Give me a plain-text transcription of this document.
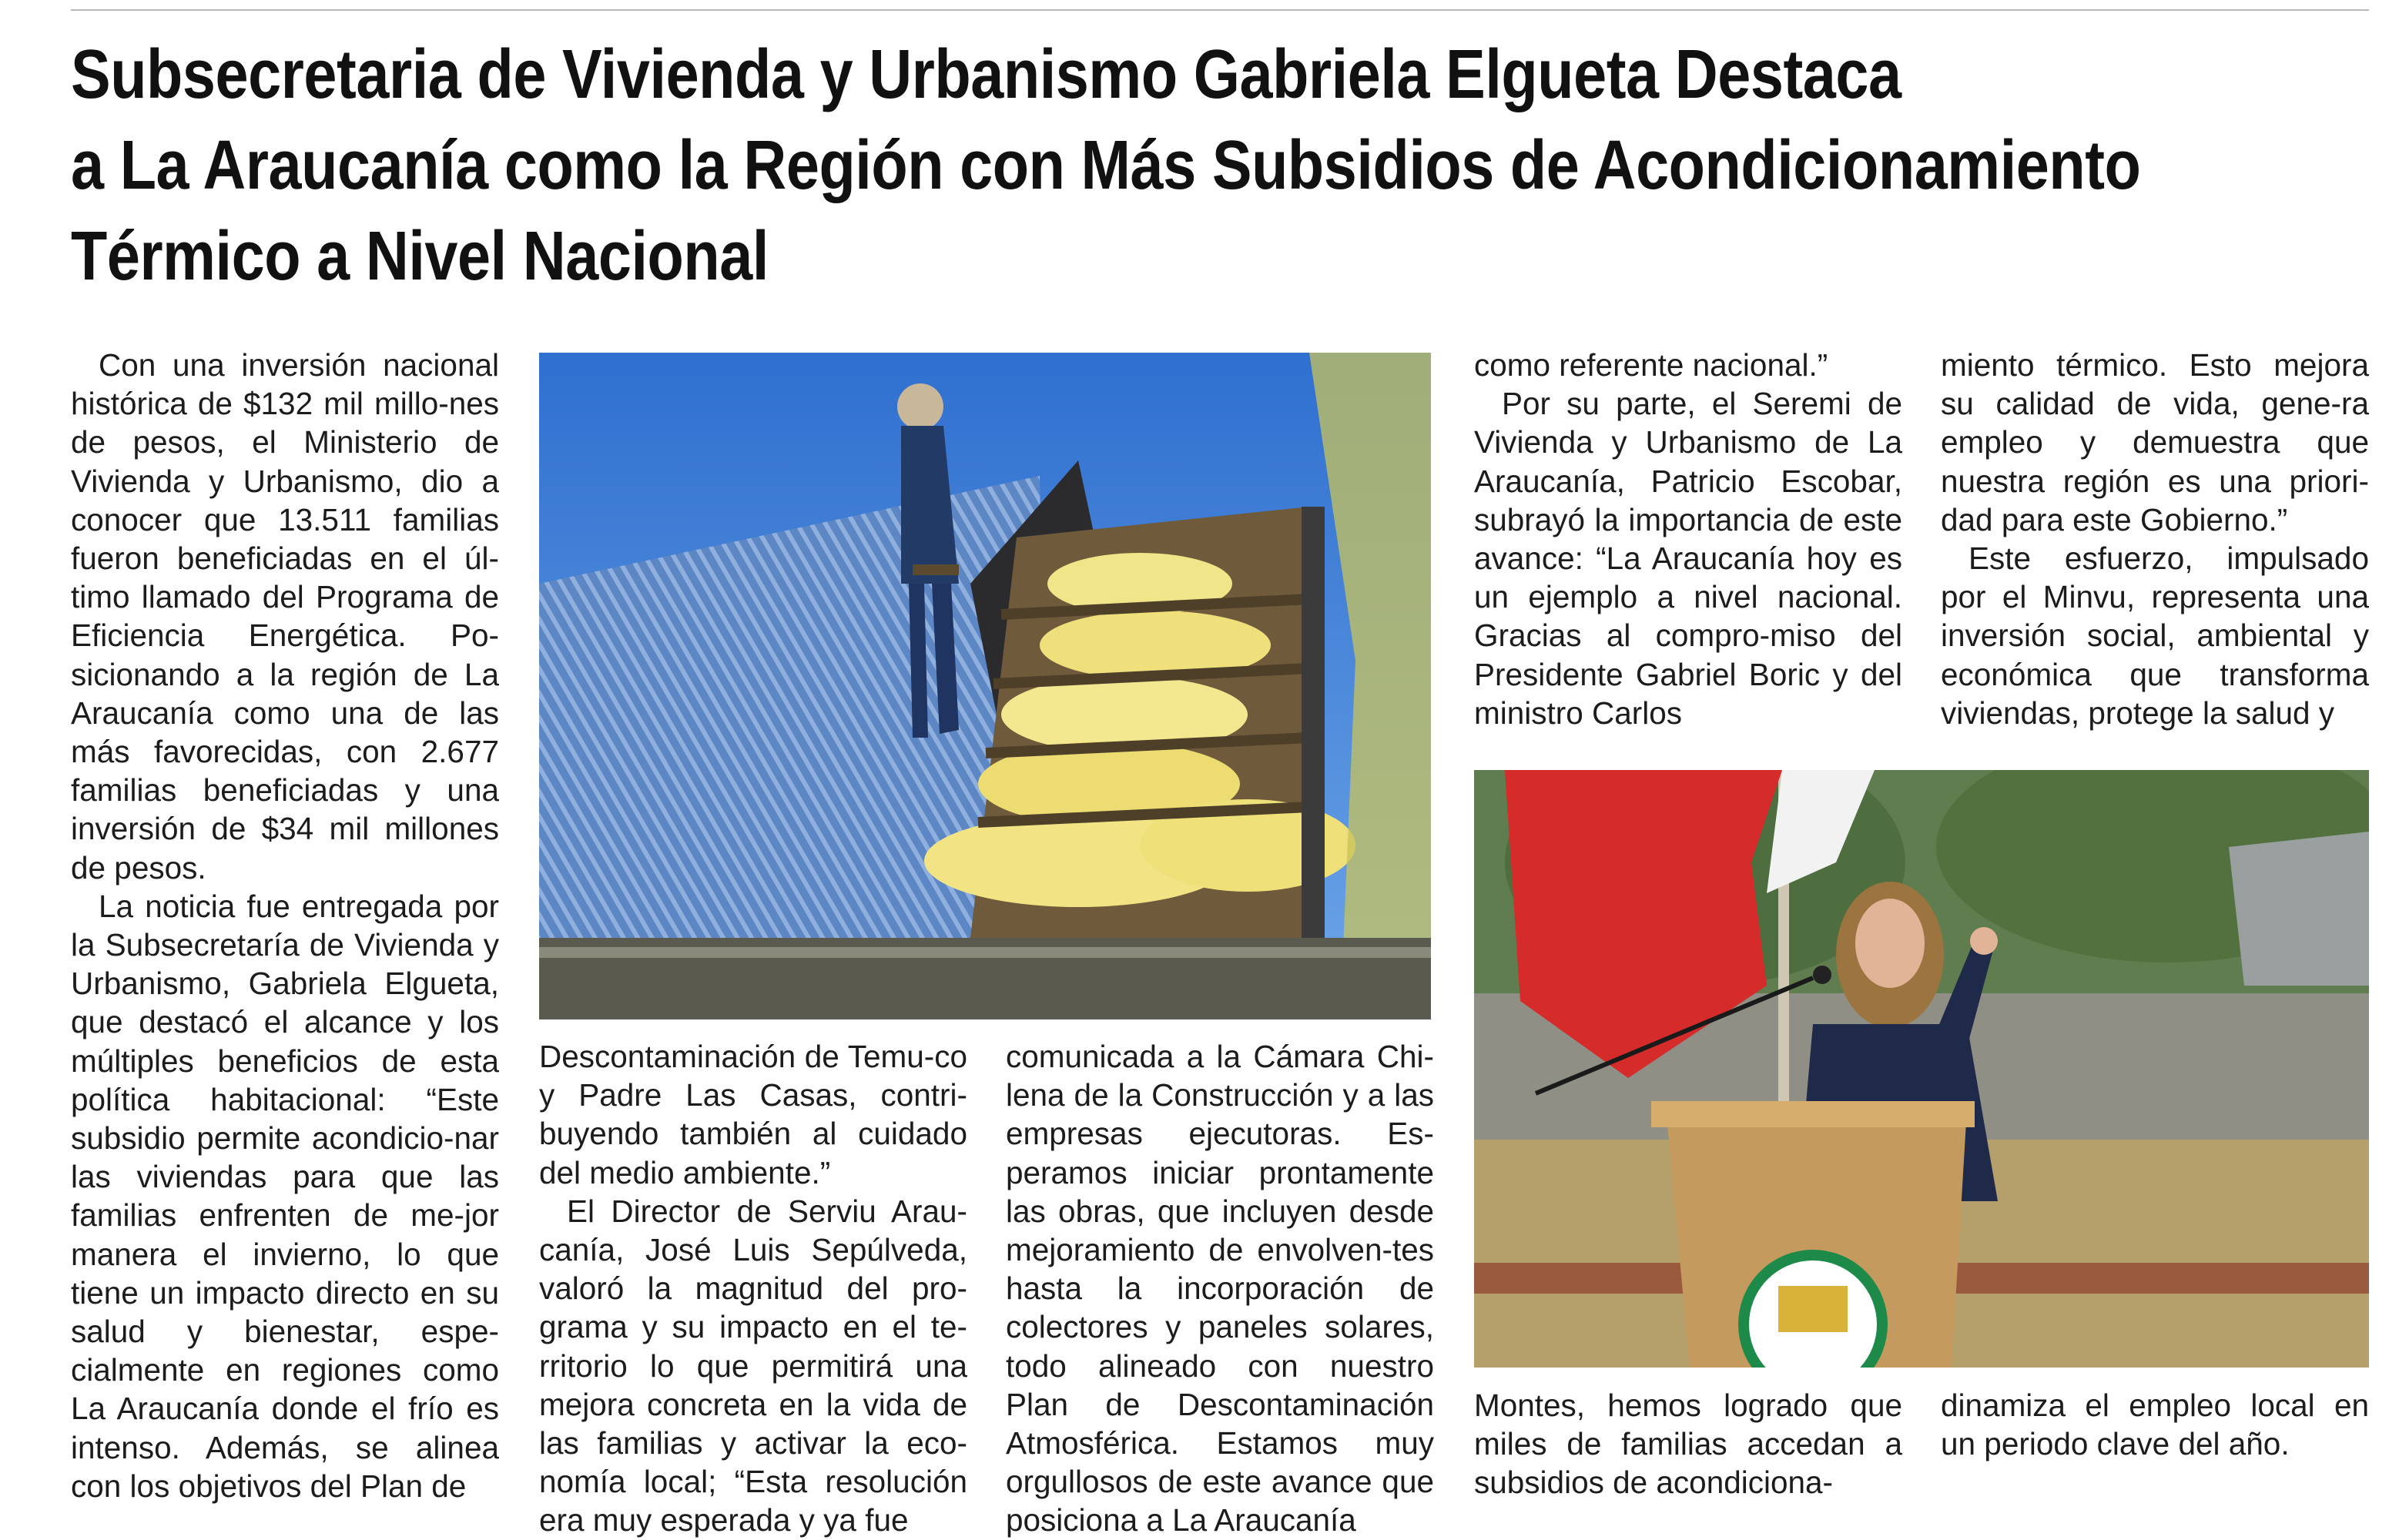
Subsecretaria de Vivienda y Urbanismo Gabriela Elgueta Destaca
a La Araucanía como la Región con Más Subsidios de Acondicionamiento
Térmico a Nivel Nacional

Con una inversión nacional histórica de $132 mil millo-nes de pesos, el Ministerio de Vivienda y Urbanismo, dio a conocer que 13.511 familias fueron beneficiadas en el úl-timo llamado del Programa de Eficiencia Energética. Po-sicionando a la región de La Araucanía como una de las más favorecidas, con 2.677 familias beneficiadas y una inversión de $34 mil millones de pesos.

La noticia fue entregada por la Subsecretaría de Vivienda y Urbanismo, Gabriela Elgueta, que destacó el alcance y los múltiples beneficios de esta política habitacional: “Este subsidio permite acondicio-nar las viviendas para que las familias enfrenten de me-jor manera el invierno, lo que tiene un impacto directo en su salud y bienestar, espe-cialmente en regiones como La Araucanía donde el frío es intenso. Además, se alinea con los objetivos del Plan de

Descontaminación de Temu-co y Padre Las Casas, contri-buyendo también al cuidado del medio ambiente.”

El Director de Serviu Arau-canía, José Luis Sepúlveda, valoró la magnitud del pro-grama y su impacto en el te-rritorio lo que permitirá una mejora concreta en la vida de las familias y activar la eco-nomía local; “Esta resolución era muy esperada y ya fue

comunicada a la Cámara Chi-lena de la Construcción y a las empresas ejecutoras. Es-peramos iniciar prontamente las obras, que incluyen desde mejoramiento de envolven-tes hasta la incorporación de colectores y paneles solares, todo alineado con nuestro Plan de Descontaminación Atmosférica. Estamos muy orgullosos de este avance que posiciona a La Araucanía

como referente nacional.”

Por su parte, el Seremi de Vivienda y Urbanismo de La Araucanía, Patricio Escobar, subrayó la importancia de este avance: “La Araucanía hoy es un ejemplo a nivel nacional. Gracias al compro-miso del Presidente Gabriel Boric y del ministro Carlos

miento térmico. Esto mejora su calidad de vida, gene-ra empleo y demuestra que nuestra región es una priori-dad para este Gobierno.”

Este esfuerzo, impulsado por el Minvu, representa una inversión social, ambiental y económica que transforma viviendas, protege la salud y

Montes, hemos logrado que miles de familias accedan a subsidios de acondiciona-

dinamiza el empleo local en un periodo clave del año.
